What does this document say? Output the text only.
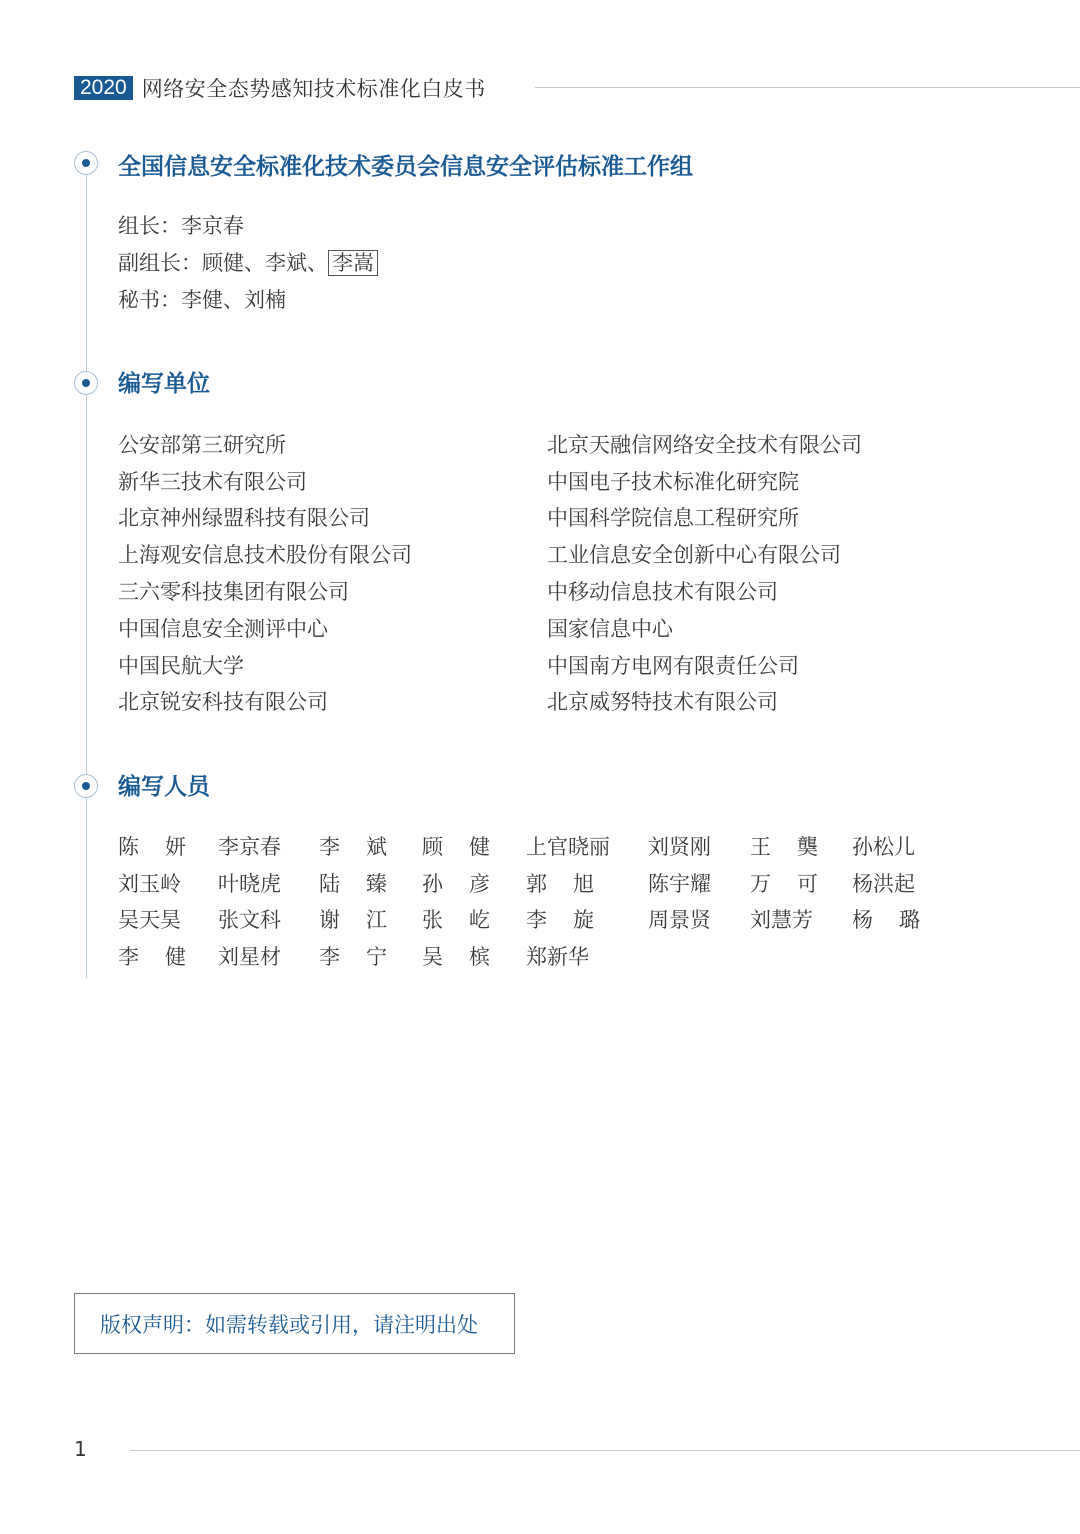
2020 网络安全态势感知技术标准化白皮书
全国信息安全标准化技术委员会信息安全评估标准工作组
组长：李京春
副组长：顾健、李斌、 李嵩
秘书：李健、刘楠
编写单位
公安部第三研究所
新华三技术有限公司
北京神州绿盟科技有限公司
上海观安信息技术股份有限公司
三六零科技集团有限公司
中国信息安全测评中心
中国民航大学
北京锐安科技有限公司
北京天融信网络安全技术有限公司
中国电子技术标准化研究院
中国科学院信息工程研究所
工业信息安全创新中心有限公司
中移动信息技术有限公司
国家信息中心
中国南方电网有限责任公司
北京威努特技术有限公司
编写人员
陈 妍 李京春 李 斌 顾 健 上官晓丽 刘贤刚 王 龑 孙松儿
刘玉岭 叶晓虎 陆 臻 孙 彦 郭 旭	陈宇耀 万 可 杨洪起
吴天昊 张文科 谢 江 张 屹 李 旋	周景贤 刘慧芳 杨 璐
李 健 刘星材 李 宁 吴 槟 郑新华
版权声明：如需转载或引用，请注明出处
1
